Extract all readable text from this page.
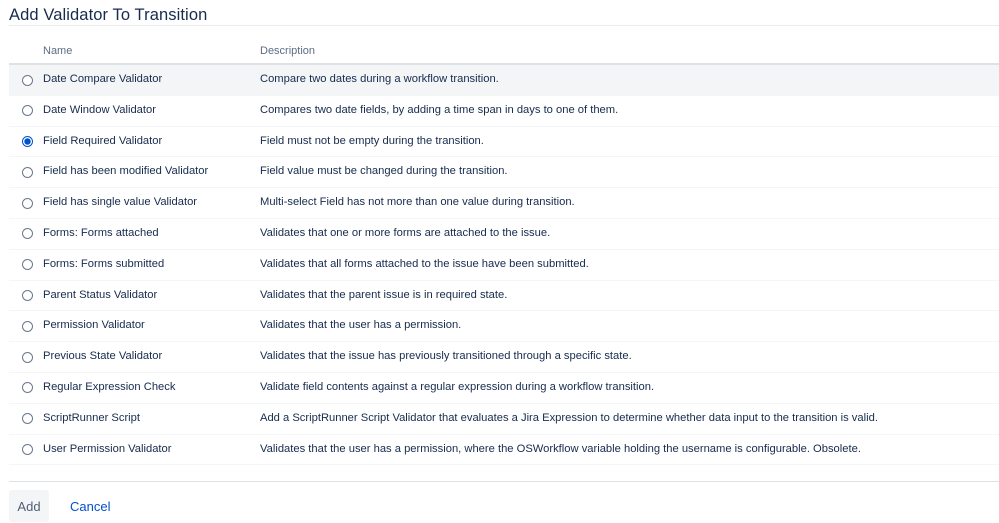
Add Validator To Transition
Name	Description
Date Compare Validator	Compare two dates during a workflow transition.
Date Window Validator	Compares two date fields, by adding a time span in days to one of them.
Field Required Validator	Field must not be empty during the transition.
Field has been modified Validator	Field value must be changed during the transition.
Field has single value Validator	Multi-select Field has not more than one value during transition.
Forms: Forms attached	Validates that one or more forms are attached to the issue.
Forms: Forms submitted	Validates that all forms attached to the issue have been submitted.
Parent Status Validator	Validates that the parent issue is in required state.
Permission Validator	Validates that the user has a permission.
Previous State Validator	Validates that the issue has previously transitioned through a specific state.
Regular Expression Check	Validate field contents against a regular expression during a workflow transition.
ScriptRunner Script	Add a ScriptRunner Script Validator that evaluates a Jira Expression to determine whether data input to the transition is valid.
User Permission Validator	Validates that the user has a permission, where the OSWorkflow variable holding the username is configurable. Obsolete.
Add	Cancel
